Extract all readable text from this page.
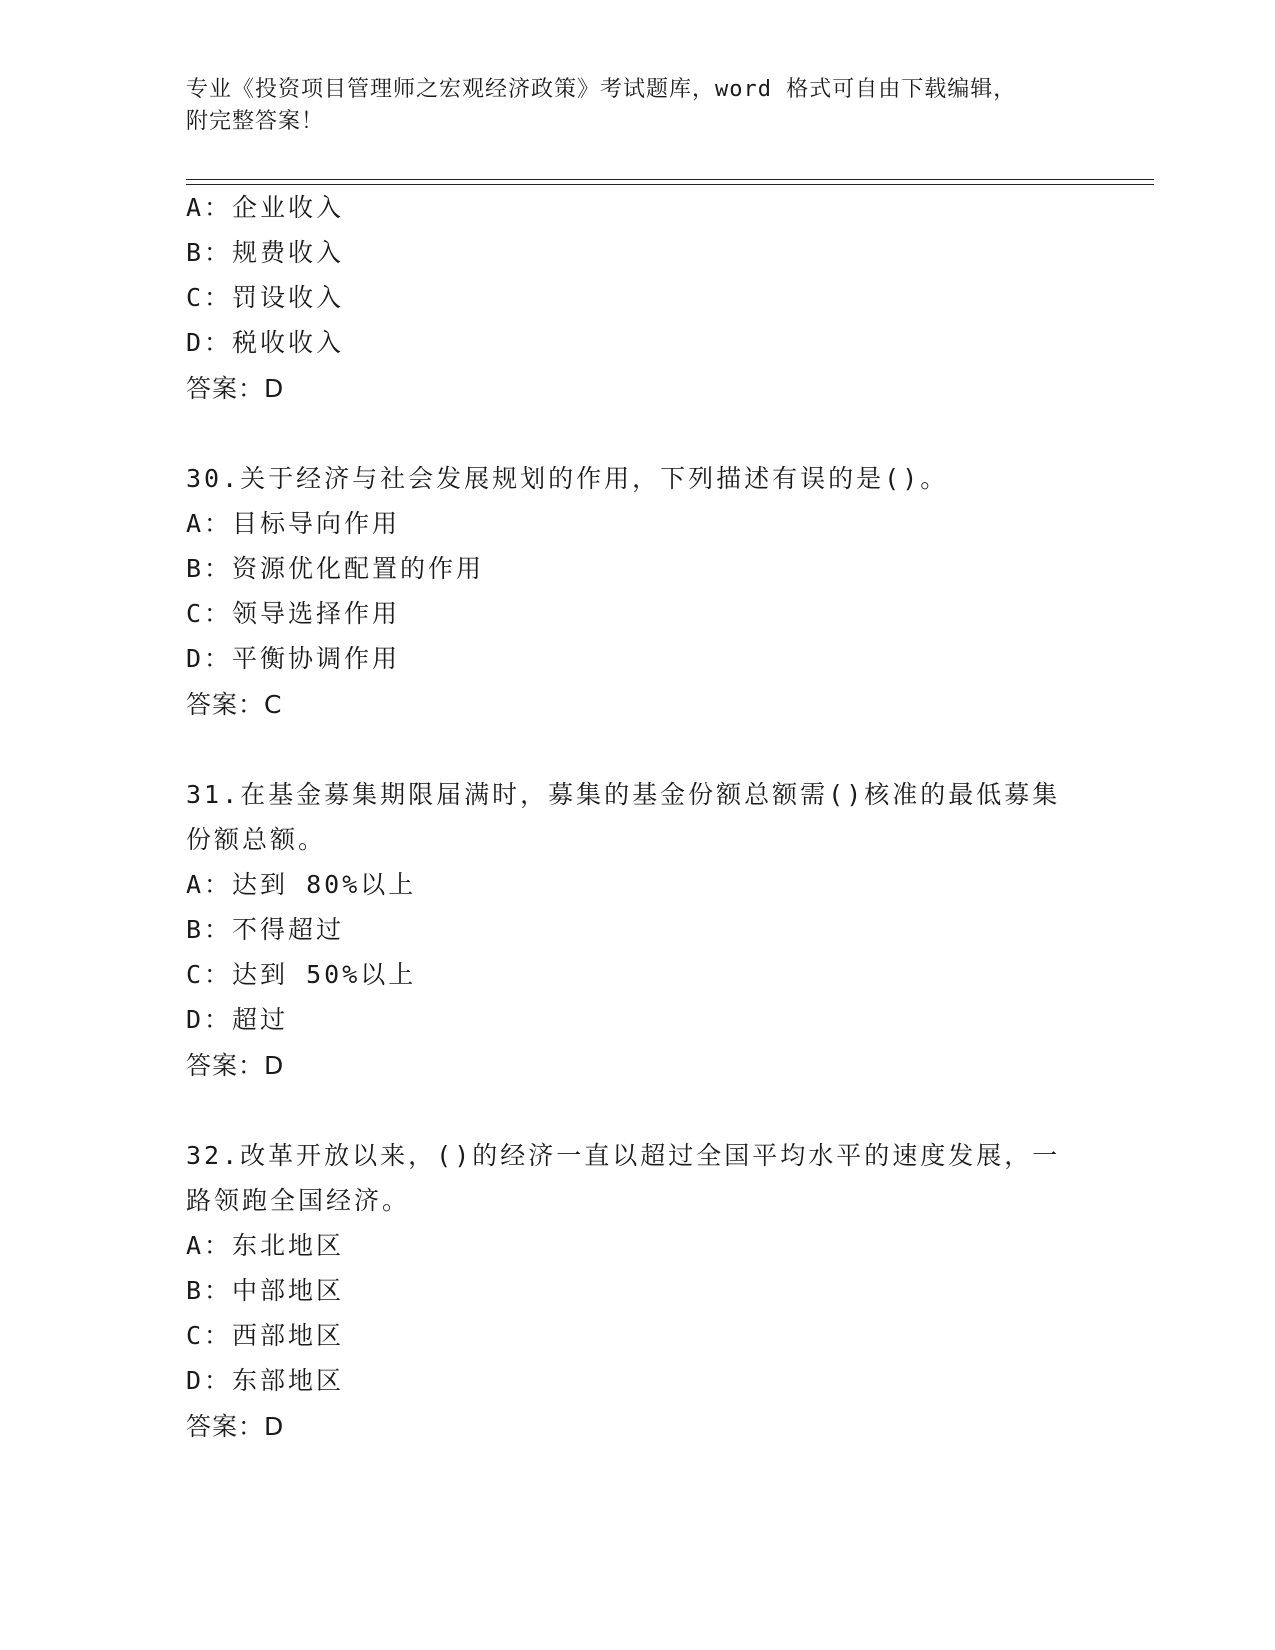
专业《投资项目管理师之宏观经济政策》考试题库，word 格式可自由下载编辑，
附完整答案！
A：企业收入
B：规费收入
C：罚设收入
D：税收收入
答案：D
30.关于经济与社会发展规划的作用，下列描述有误的是()。
A：目标导向作用
B：资源优化配置的作用
C：领导选择作用
D：平衡协调作用
答案：C
31.在基金募集期限届满时，募集的基金份额总额需()核准的最低募集
份额总额。
A：达到 80%以上
B：不得超过
C：达到 50%以上
D：超过
答案：D
32.改革开放以来，()的经济一直以超过全国平均水平的速度发展，一
路领跑全国经济。
A：东北地区
B：中部地区
C：西部地区
D：东部地区
答案：D
